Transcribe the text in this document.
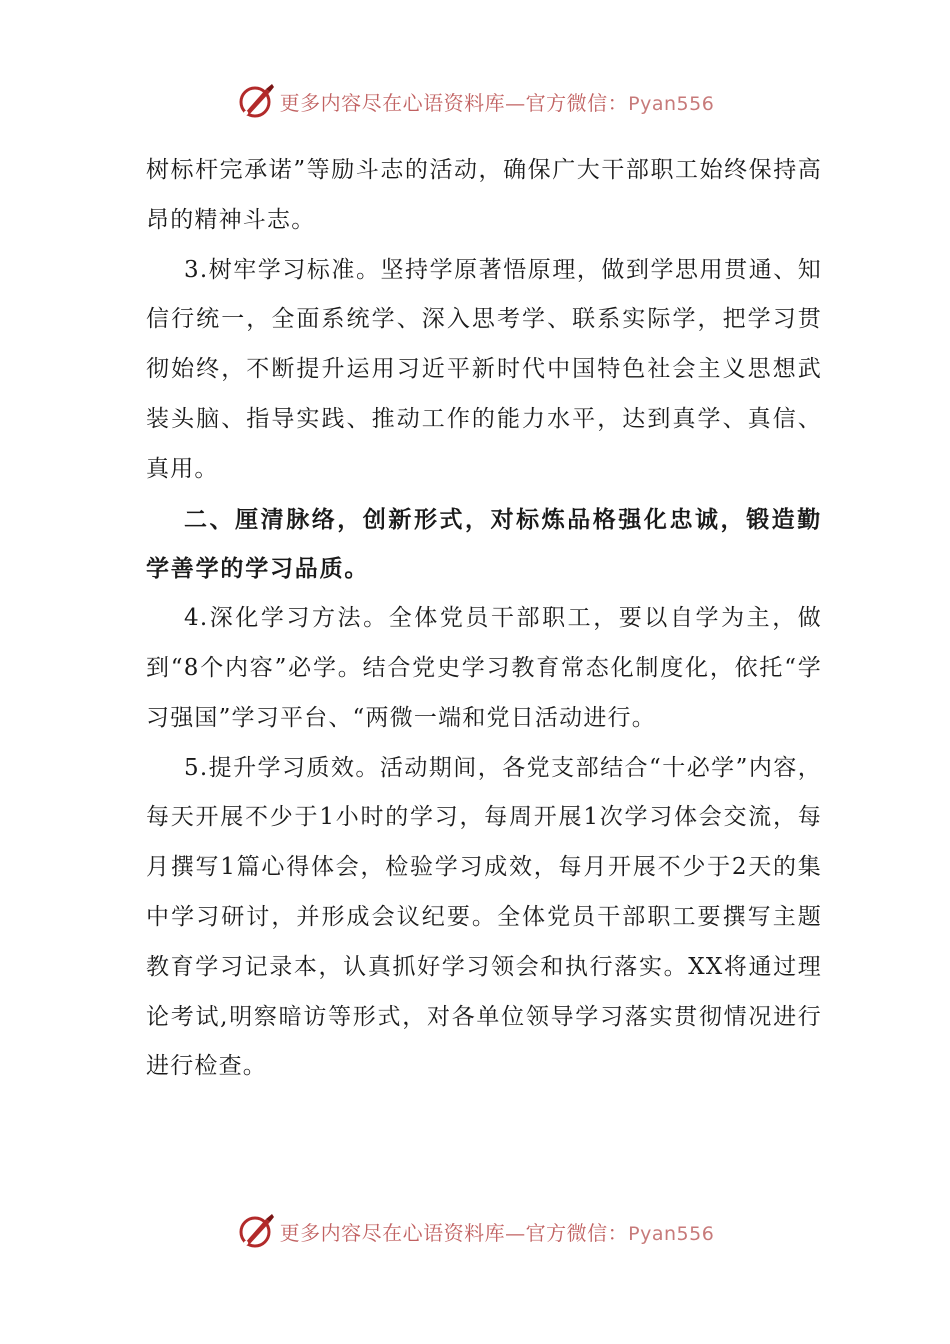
更多内容尽在心语资料库—官方微信：Pyan556

树标杆完承诺”等励斗志的活动，确保广大干部职工始终保持高昂的精神斗志。

3.树牢学习标准。坚持学原著悟原理，做到学思用贯通、知信行统一，全面系统学、深入思考学、联系实际学，把学习贯彻始终，不断提升运用习近平新时代中国特色社会主义思想武装头脑、指导实践、推动工作的能力水平，达到真学、真信、真用。

二、厘清脉络，创新形式，对标炼品格强化忠诚，锻造勤学善学的学习品质。

4.深化学习方法。全体党员干部职工，要以自学为主，做到“8个内容”必学。结合党史学习教育常态化制度化，依托“学习强国”学习平台、“两微一端和党日活动进行。

5.提升学习质效。活动期间，各党支部结合“十必学”内容，每天开展不少于1小时的学习，每周开展1次学习体会交流，每月撰写1篇心得体会，检验学习成效，每月开展不少于2天的集中学习研讨，并形成会议纪要。全体党员干部职工要撰写主题教育学习记录本，认真抓好学习领会和执行落实。XX将通过理论考试,明察暗访等形式，对各单位领导学习落实贯彻情况进行进行检查。

更多内容尽在心语资料库—官方微信：Pyan556
